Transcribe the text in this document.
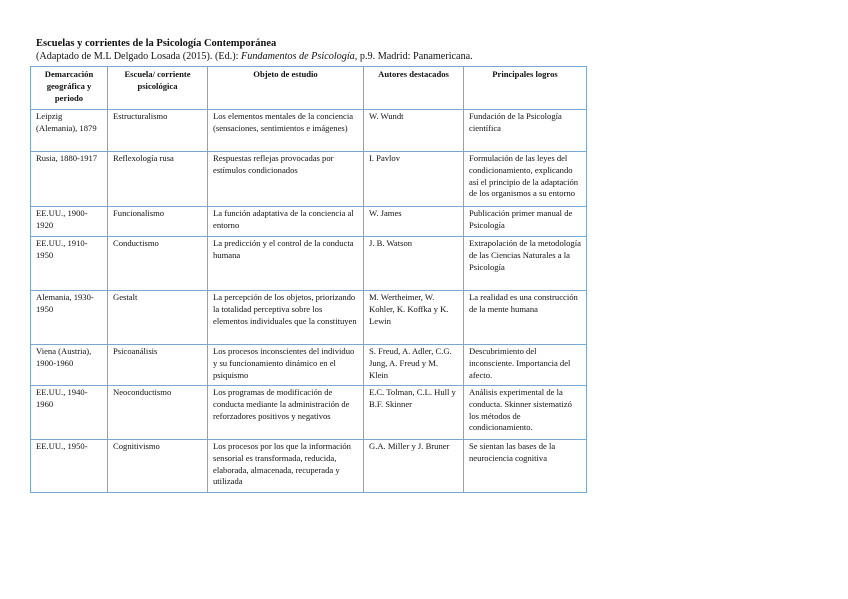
Escuelas y corrientes de la Psicología Contemporánea
(Adaptado de M.L Delgado Losada (2015). (Ed.): Fundamentos de Psicología, p.9. Madrid: Panamericana.
Demarcación geográfica y periodo	Escuela/ corriente psicológica	Objeto de estudio	Autores destacados	Principales logros
Leipzig (Alemania), 1879	Estructuralismo	Los elementos mentales de la conciencia (sensaciones, sentimientos e imágenes)	W. Wundt	Fundación de la Psicología científica
Rusia, 1880-1917	Reflexología rusa	Respuestas reflejas provocadas por estímulos condicionados	I. Pavlov	Formulación de las leyes del condicionamiento, explicando así el principio de la adaptación de los organismos a su entorno
EE.UU., 1900-1920	Funcionalismo	La función adaptativa de la conciencia al entorno	W. James	Publicación primer manual de Psicología
EE.UU., 1910-1950	Conductismo	La predicción y el control de la conducta humana	J. B. Watson	Extrapolación de la metodología de las Ciencias Naturales a la Psicología
Alemania, 1930-1950	Gestalt	La percepción de los objetos, priorizando la totalidad perceptiva sobre los elementos individuales que la constituyen	M. Wertheimer, W. Kohler, K. Koffka y K. Lewin	La realidad es una construcción de la mente humana
Viena (Austria), 1900-1960	Psicoanálisis	Los procesos inconscientes del individuo y su funcionamiento dinámico en el psiquismo	S. Freud, A. Adler, C.G. Jung, A. Freud y M. Klein	Descubrimiento del inconsciente. Importancia del afecto.
EE.UU., 1940-1960	Neoconductismo	Los programas de modificación de conducta mediante la administración de reforzadores positivos y negativos	E.C. Tolman, C.L. Hull y B.F. Skinner	Análisis experimental de la conducta. Skinner sistematizó los métodos de condicionamiento.
EE.UU., 1950-	Cognitivismo	Los procesos por los que la información sensorial es transformada, reducida, elaborada, almacenada, recuperada y utilizada	G.A. Miller y J. Bruner	Se sientan las bases de la neurociencia cognitiva
